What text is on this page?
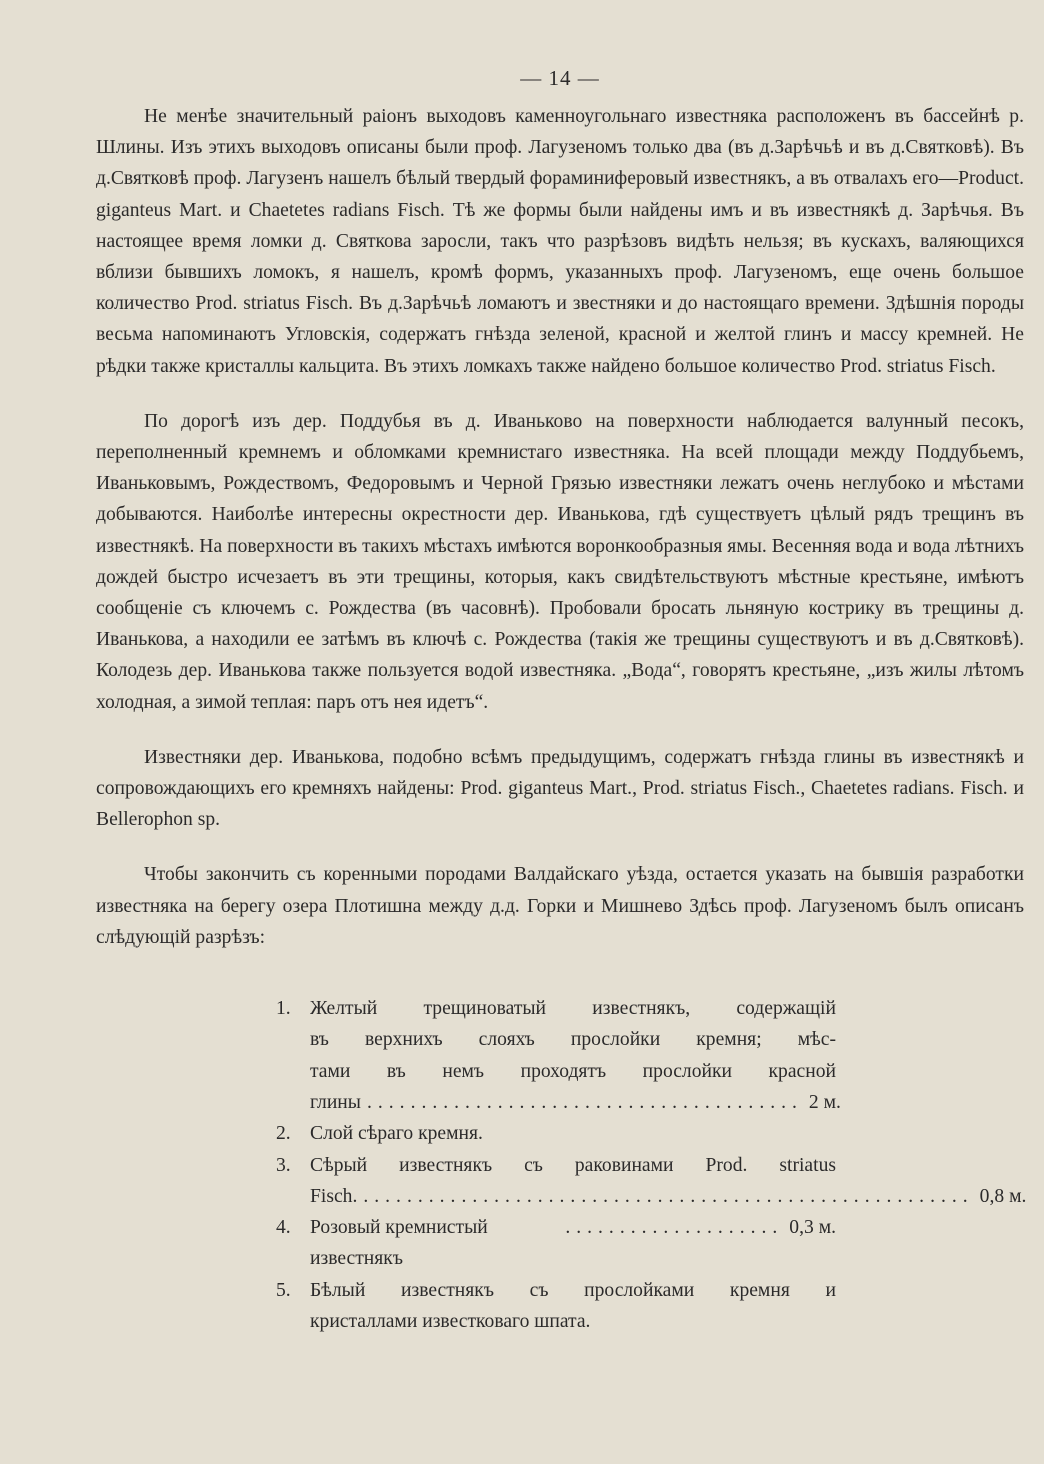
— 14 —

Не менѣе значительный раіонъ выходовъ каменноугольнаго известняка расположенъ въ бассейнѣ р. Шлины. Изъ этихъ выходовъ описаны были проф. Лагузеномъ только два (въ д.Зарѣчьѣ и въ д.Святковѣ). Въ д.Святковѣ проф. Лагузенъ нашелъ бѣлый твердый фораминиферовый известнякъ, а въ отвалахъ его—Product. giganteus Mart. и Chaetetes radians Fisch. Тѣ же формы были найдены имъ и въ известнякѣ д. Зарѣчья. Въ настоящее время ломки д. Святкова заросли, такъ что разрѣзовъ видѣть нельзя; въ кускахъ, валяющихся вблизи бывшихъ ломокъ, я нашелъ, кромѣ формъ, указанныхъ проф. Лагузеномъ, еще очень большое количество Prod. striatus Fisch. Въ д.Зарѣчьѣ ломаютъ и звестняки и до настоящаго времени. Здѣшнія породы весьма напоминаютъ Угловскія, содержатъ гнѣзда зеленой, красной и желтой глинъ и массу кремней. Не рѣдки также кристаллы кальцита. Въ этихъ ломкахъ также найдено большое количество Prod. striatus Fisch.

По дорогѣ изъ дер. Поддубья въ д. Иваньково на поверхности наблюдается валунный песокъ, переполненный кремнемъ и обломками кремнистаго известняка. На всей площади между Поддубьемъ, Иваньковымъ, Рождествомъ, Федоровымъ и Черной Грязью известняки лежатъ очень неглубоко и мѣстами добываются. Наиболѣе интересны окрестности дер. Иванькова, гдѣ существуетъ цѣлый рядъ трещинъ въ известнякѣ. На поверхности въ такихъ мѣстахъ имѣются воронкообразныя ямы. Весенняя вода и вода лѣтнихъ дождей быстро исчезаетъ въ эти трещины, которыя, какъ свидѣтельствуютъ мѣстные крестьяне, имѣютъ сообщеніе съ ключемъ с. Рождества (въ часовнѣ). Пробовали бросать льняную кострику въ трещины д. Иванькова, а находили ее затѣмъ въ ключѣ с. Рождества (такія же трещины существуютъ и въ д.Святковѣ). Колодезь дер. Иванькова также пользуется водой известняка. „Вода“, говорятъ крестьяне, „изъ жилы лѣтомъ холодная, а зимой теплая: паръ отъ нея идетъ“.

Известняки дер. Иванькова, подобно всѣмъ предыдущимъ, содержатъ гнѣзда глины въ известнякѣ и сопровождающихъ его кремняхъ найдены: Prod. giganteus Mart., Prod. striatus Fisch., Chaetetes radians. Fisch. и Bellerophon sp.

Чтобы закончить съ коренными породами Валдайскаго уѣзда, остается указать на бывшія разработки известняка на берегу озера Плотишна между д.д. Горки и Мишнево Здѣсь проф. Лагузеномъ былъ описанъ слѣдующій разрѣзъ:

1. Желтый трещиноватый известнякъ, содержащій
въ верхнихъ слояхъ прослойки кремня; мѣс-
тами въ немъ проходятъ прослойки красной
глины ........................................ 2 м.
2. Слой сѣраго кремня.
3. Сѣрый известнякъ съ раковинами Prod. striatus
Fisch. ........................................................ 0,8 м.
4. Розовый кремнистый известнякъ
.................... 0,3 м.
5. Бѣлый известнякъ съ прослойками кремня и
кристаллами известковаго шпата.
